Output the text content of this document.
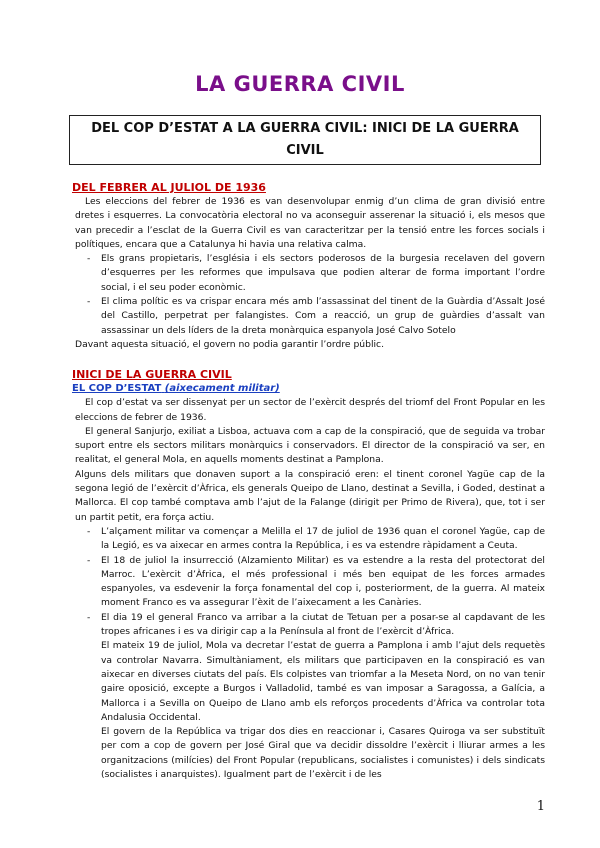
LA GUERRA CIVIL
DEL COP D’ESTAT A LA GUERRA CIVIL: INICI DE LA GUERRA CIVIL
DEL FEBRER AL JULIOL DE 1936

Les eleccions del febrer de 1936 es van desenvolupar enmig d’un clima de gran divisió entre dretes i esquerres. La convocatòria electoral no va aconseguir asserenar la situació i, els mesos que van precedir a l’esclat de la Guerra Civil es van caracteritzar per la tensió entre les forces socials i polítiques, encara que a Catalunya hi havia una relativa calma.

- Els grans propietaris, l’església i els sectors poderosos de la burgesia recelaven del govern d’esquerres per les reformes que impulsava que podien alterar de forma important l’ordre social, i el seu poder econòmic.
- El clima polític es va crispar encara més amb l’assassinat del tinent de la Guàrdia d’Assalt José del Castillo, perpetrat per falangistes. Com a reacció, un grup de guàrdies d’assalt van assassinar un dels líders de la dreta monàrquica espanyola José Calvo Sotelo

Davant aquesta situació, el govern no podia garantir l’ordre públic.

INICI DE LA GUERRA CIVIL
EL COP D’ESTAT (aixecament militar)

El cop d’estat va ser dissenyat per un sector de l’exèrcit després del triomf del Front Popular en les eleccions de febrer de 1936.

El general Sanjurjo, exiliat a Lisboa, actuava com a cap de la conspiració, que de seguida va trobar suport entre els sectors militars monàrquics i conservadors. El director de la conspiració va ser, en realitat, el general Mola, en aquells moments destinat a Pamplona.

Alguns dels militars que donaven suport a la conspiració eren: el tinent coronel Yagüe cap de la segona legió de l’exèrcit d’Àfrica, els generals Queipo de Llano, destinat a Sevilla, i Goded, destinat a Mallorca. El cop també comptava amb l’ajut de la Falange (dirigit per Primo de Rivera), que, tot i ser un partit petit, era força actiu.

- L’alçament militar va començar a Melilla el 17 de juliol de 1936 quan el coronel Yagüe, cap de la Legió, es va aixecar en armes contra la República, i es va estendre ràpidament a Ceuta.
- El 18 de juliol la insurrecció (Alzamiento Militar) es va estendre a la resta del protectorat del Marroc. L’exèrcit d’Àfrica, el més professional i més ben equipat de les forces armades espanyoles, va esdevenir la força fonamental del cop i, posteriorment, de la guerra. Al mateix moment Franco es va assegurar l’èxit de l’aixecament a les Canàries.
- El dia 19 el general Franco va arribar a la ciutat de Tetuan per a posar-se al capdavant de les tropes africanes i es va dirigir cap a la Península al front de l’exèrcit d’Àfrica.

El mateix 19 de juliol, Mola va decretar l’estat de guerra a Pamplona i amb l’ajut dels requetès va controlar Navarra. Simultàniament, els militars que participaven en la conspiració es van aixecar en diverses ciutats del país. Els colpistes van triomfar a la Meseta Nord, on no van tenir gaire oposició, excepte a Burgos i Valladolid, també es van imposar a Saragossa, a Galícia, a Mallorca i a Sevilla on Queipo de Llano amb els reforços procedents d’Àfrica va controlar tota Andalusia Occidental.

El govern de la República va trigar dos dies en reaccionar i, Casares Quiroga va ser substituït per com a cop de govern per José Giral que va decidir dissoldre l’exèrcit i lliurar armes a les organitzacions (milícies) del Front Popular (republicans, socialistes i comunistes) i dels sindicats (socialistes i anarquistes). Igualment part de l’exèrcit i de les

1
